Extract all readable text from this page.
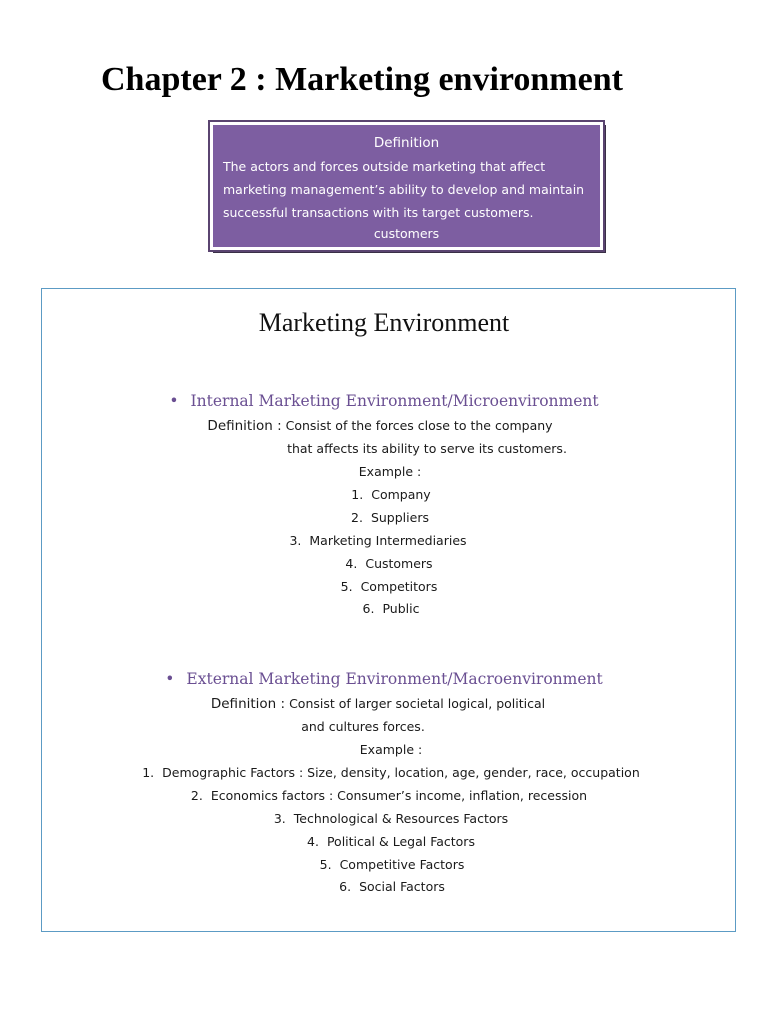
Chapter 2 : Marketing environment
Definition
The actors and forces outside marketing that affect
marketing management’s ability to develop and maintain
successful transactions with its target customers.
customers
Marketing Environment
• Internal Marketing Environment/Microenvironment
Definition : Consist of the forces close to the company
that affects its ability to serve its customers.
Example :
1. Company
2. Suppliers
3. Marketing Intermediaries
4. Customers
5. Competitors
6. Public
• External Marketing Environment/Macroenvironment
Definition : Consist of larger societal logical, political
and cultures forces.
Example :
1. Demographic Factors : Size, density, location, age, gender, race, occupation
2. Economics factors : Consumer’s income, inflation, recession
3. Technological & Resources Factors
4. Political & Legal Factors
5. Competitive Factors
6. Social Factors
